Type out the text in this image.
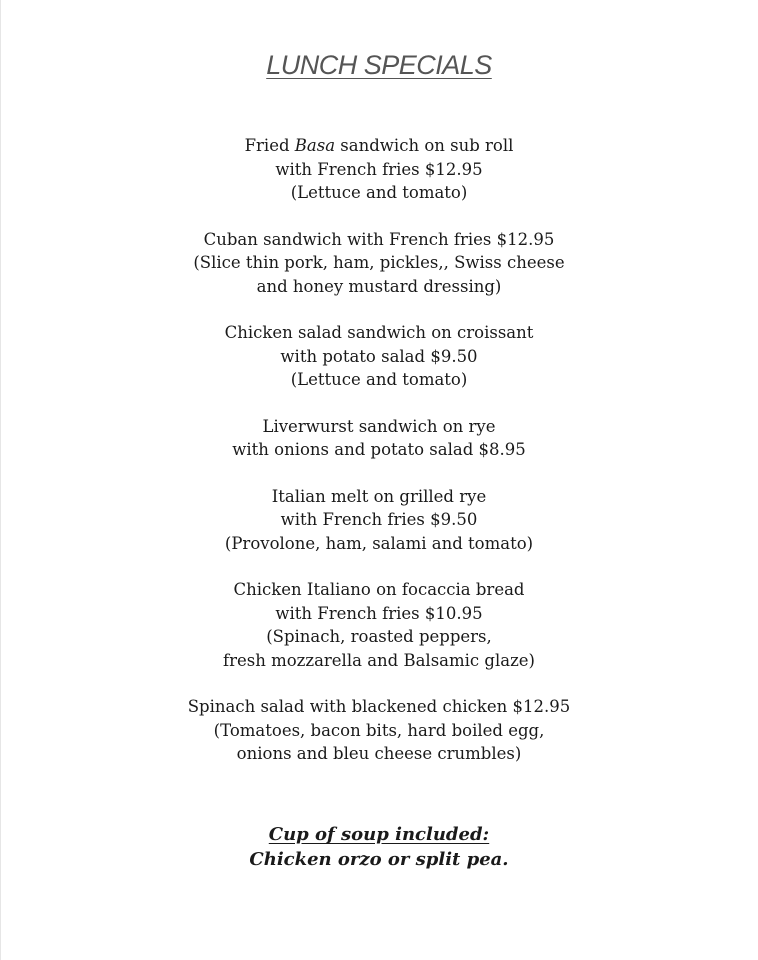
LUNCH SPECIALS
Fried Basa sandwich on sub roll
with French fries $12.95
(Lettuce and tomato)
Cuban sandwich with French fries $12.95
(Slice thin pork, ham, pickles,, Swiss cheese
and honey mustard dressing)
Chicken salad sandwich on croissant
with potato salad $9.50
(Lettuce and tomato)
Liverwurst sandwich on rye
with onions and potato salad $8.95
Italian melt on grilled rye
with French fries $9.50
(Provolone, ham, salami and tomato)
Chicken Italiano on focaccia bread
with French fries $10.95
(Spinach, roasted peppers,
fresh mozzarella and Balsamic glaze)
Spinach salad with blackened chicken $12.95
(Tomatoes, bacon bits, hard boiled egg,
onions and bleu cheese crumbles)
Cup of soup included:
Chicken orzo or split pea.
